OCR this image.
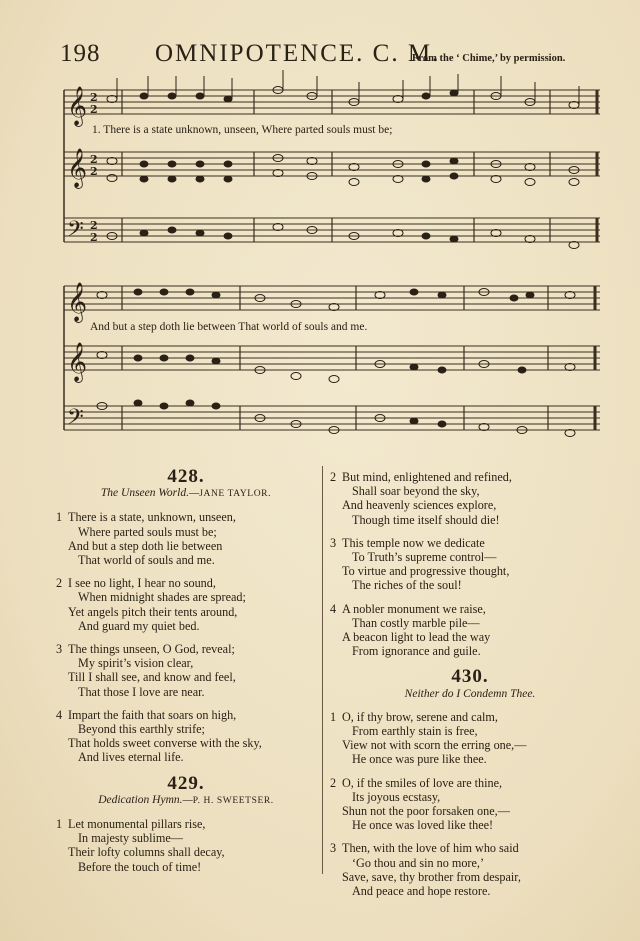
198 OMNIPOTENCE. C. M.
From the ‘ Chime,’ by permission.
𝄞
𝄞
𝄢
2
2
2
2
2
2
1. There is a state unknown, unseen, Where parted souls must be;
𝄞
𝄞
𝄢
And but a step doth lie between That world of souls and me.
428.
The Unseen World.—JANE TAYLOR.
1 There is a state, unknown, unseen,
Where parted souls must be;
And but a step doth lie between
That world of souls and me.
2 I see no light, I hear no sound,
When midnight shades are spread;
Yet angels pitch their tents around,
And guard my quiet bed.
3 The things unseen, O God, reveal;
My spirit’s vision clear,
Till I shall see, and know and feel,
That those I love are near.
4 Impart the faith that soars on high,
Beyond this earthly strife;
That holds sweet converse with the sky,
And lives eternal life.
429.
Dedication Hymn.—P. H. SWEETSER.
1 Let monumental pillars rise,
In majesty sublime—
Their lofty columns shall decay,
Before the touch of time!
2 But mind, enlightened and refined,
Shall soar beyond the sky,
And heavenly sciences explore,
Though time itself should die!
3 This temple now we dedicate
To Truth’s supreme control—
To virtue and progressive thought,
The riches of the soul!
4 A nobler monument we raise,
Than costly marble pile—
A beacon light to lead the way
From ignorance and guile.
430.
Neither do I Condemn Thee.
1 O, if thy brow, serene and calm,
From earthly stain is free,
View not with scorn the erring one,—
He once was pure like thee.
2 O, if the smiles of love are thine,
Its joyous ecstasy,
Shun not the poor forsaken one,—
He once was loved like thee!
3 Then, with the love of him who said
‘Go thou and sin no more,’
Save, save, thy brother from despair,
And peace and hope restore.
